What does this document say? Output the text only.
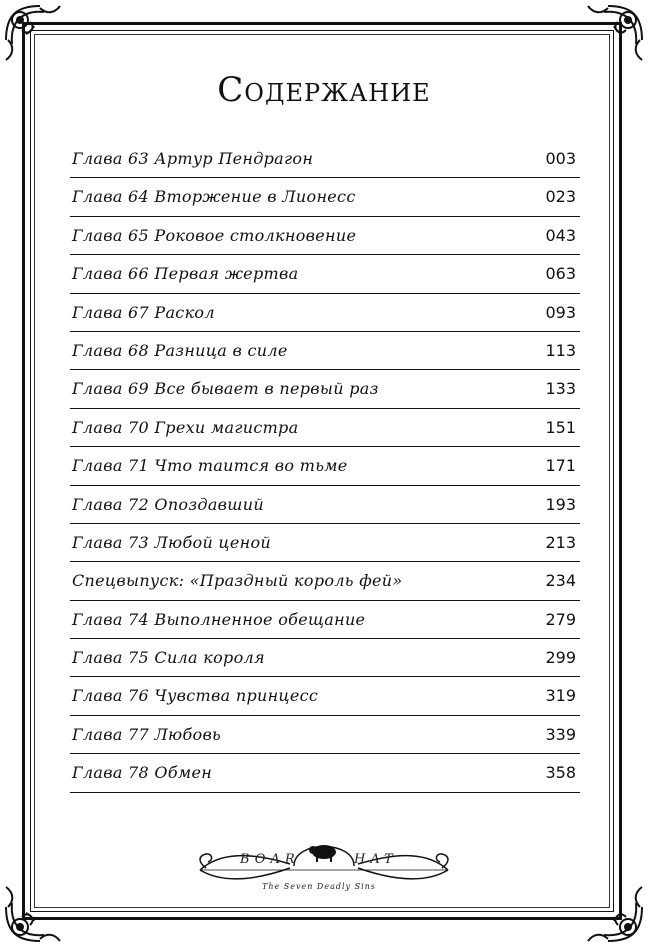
Содержание
Глава 63 Артур Пендрагон	003
Глава 64 Вторжение в Лионесс	023
Глава 65 Роковое столкновение	043
Глава 66 Первая жертва	063
Глава 67 Раскол	093
Глава 68 Разница в силе	113
Глава 69 Все бывает в первый раз	133
Глава 70 Грехи магистра	151
Глава 71 Что таится во тьме	171
Глава 72 Опоздавший	193
Глава 73 Любой ценой	213
Спецвыпуск: «Праздный король фей»	234
Глава 74 Выполненное обещание	279
Глава 75 Сила короля	299
Глава 76 Чувства принцесс	319
Глава 77 Любовь	339
Глава 78 Обмен	358
BOAR	HAT
The Seven Deadly Sins
